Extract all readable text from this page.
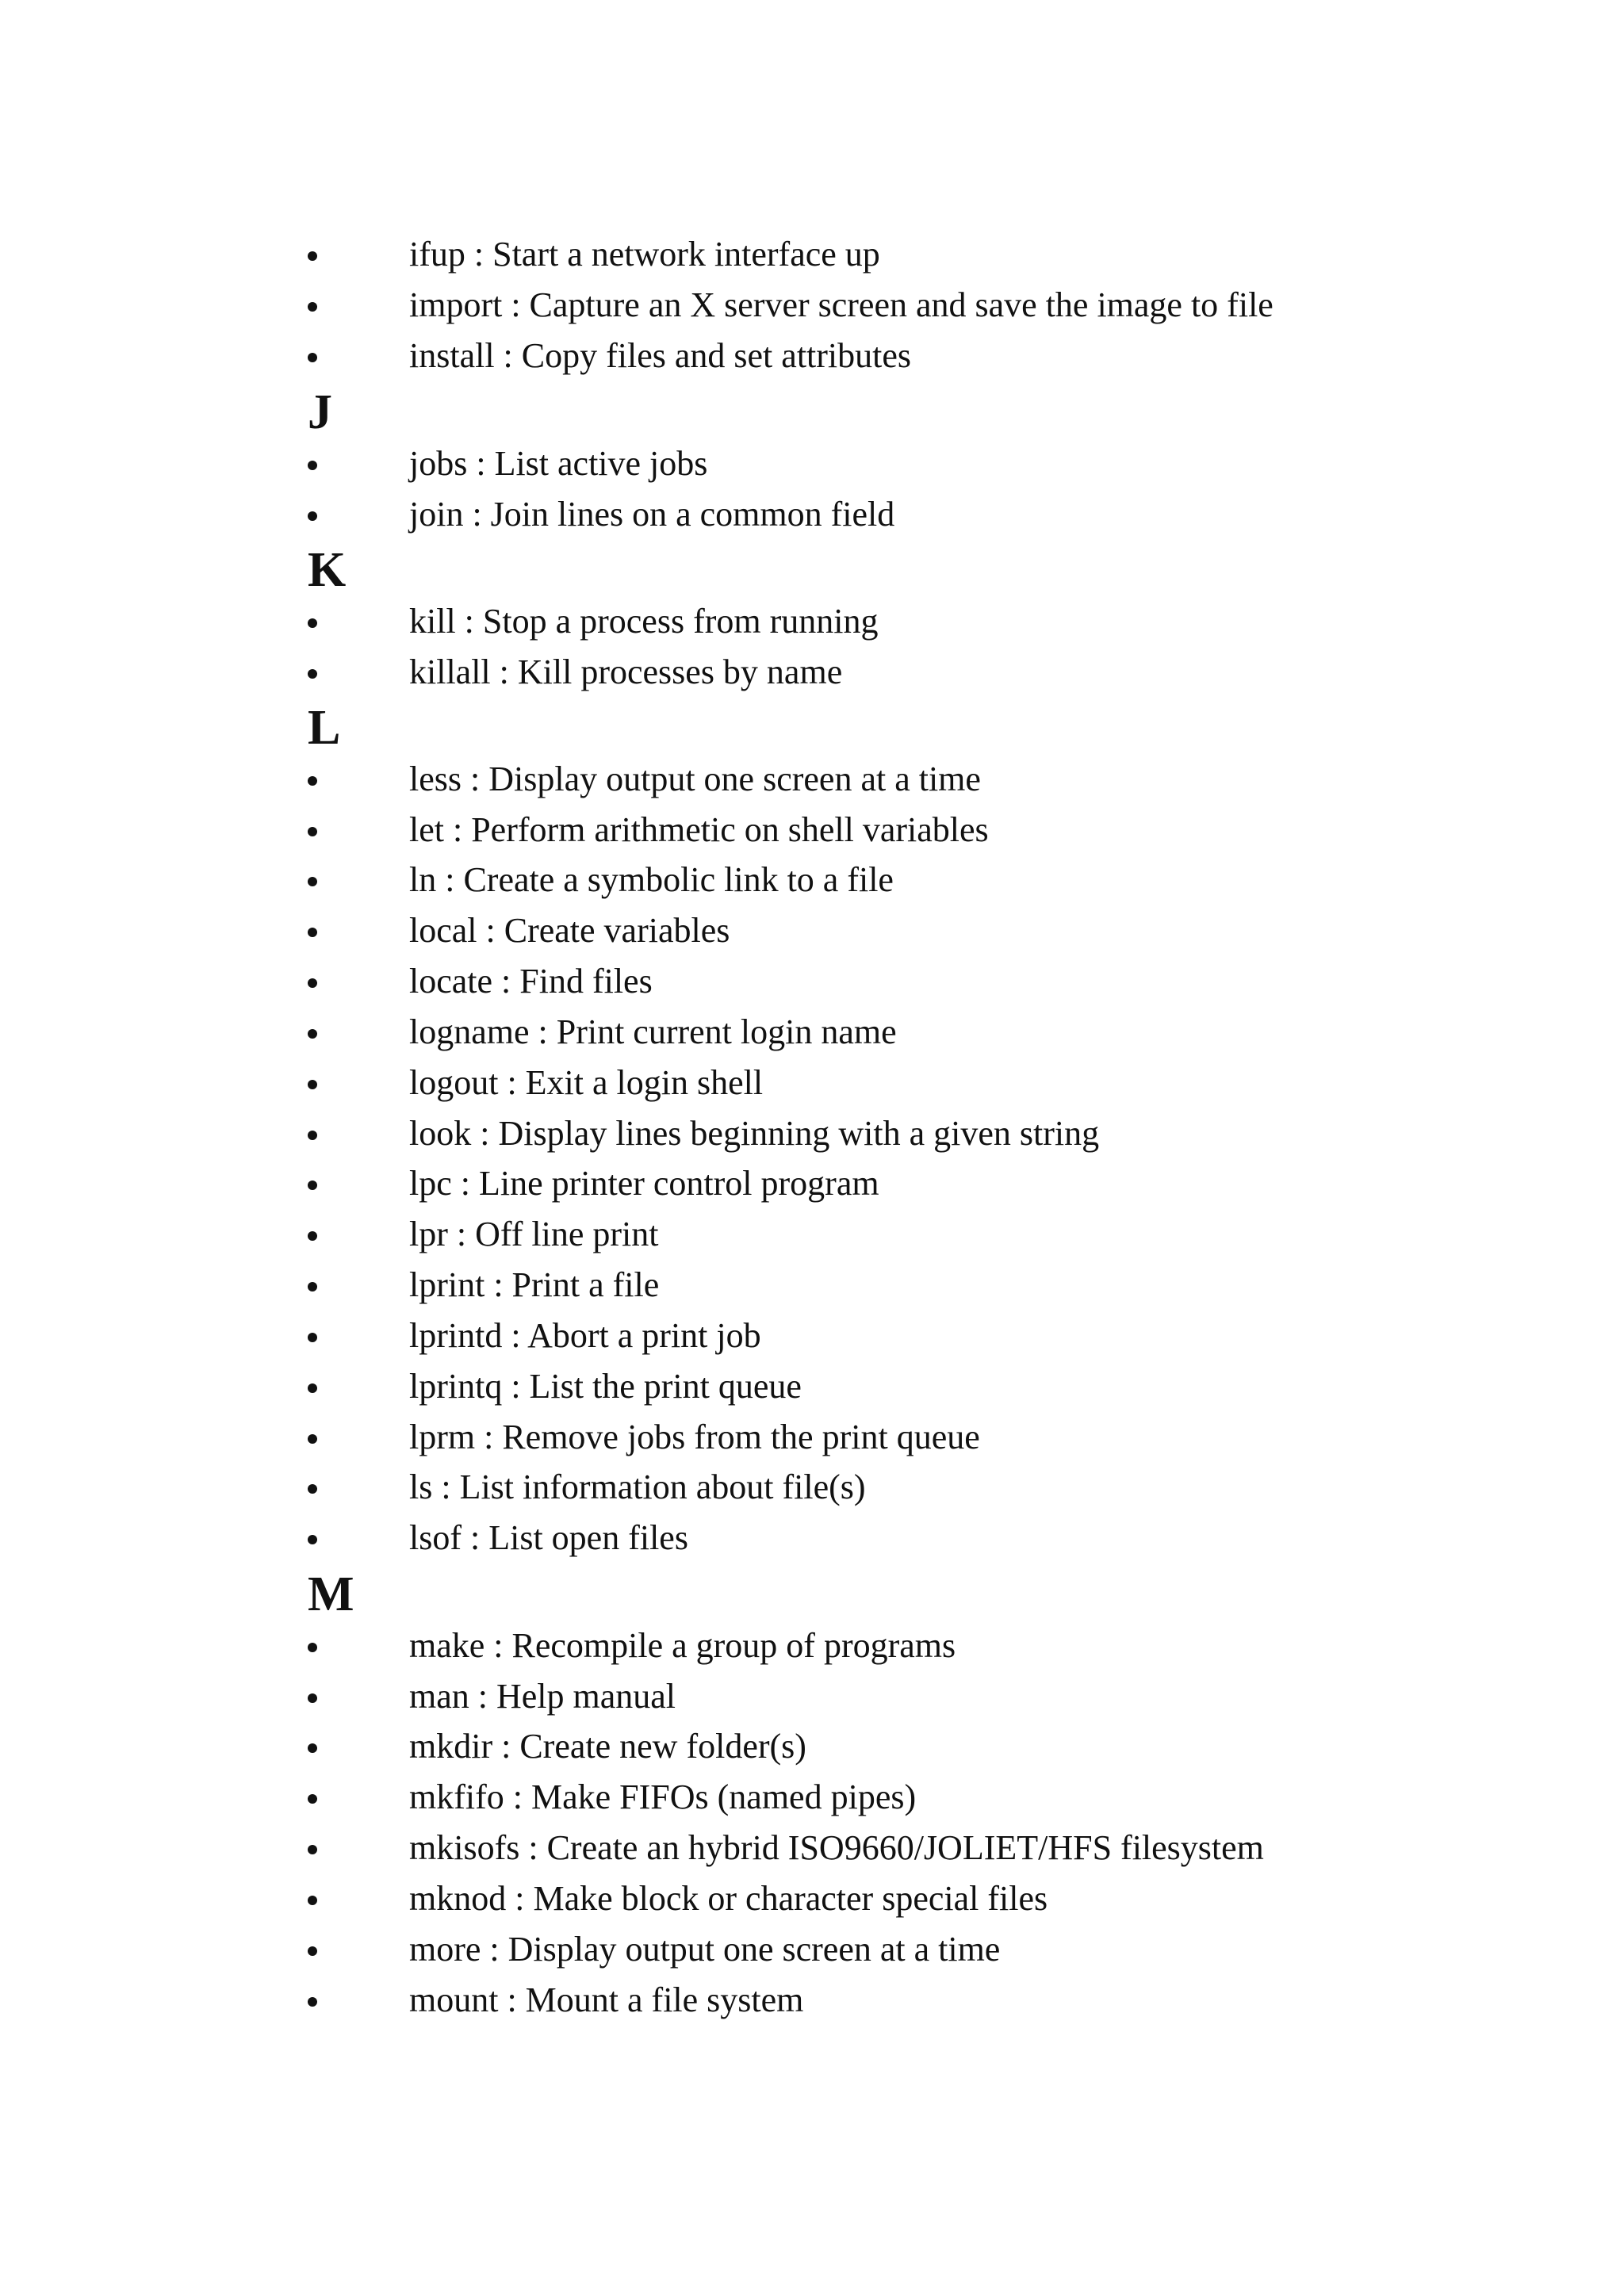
ifup : Start a network interface up
import : Capture an X server screen and save the image to file
install : Copy files and set attributes
J
jobs : List active jobs
join : Join lines on a common field
K
kill : Stop a process from running
killall : Kill processes by name
L
less : Display output one screen at a time
let : Perform arithmetic on shell variables
ln : Create a symbolic link to a file
local : Create variables
locate : Find files
logname : Print current login name
logout : Exit a login shell
look : Display lines beginning with a given string
lpc : Line printer control program
lpr : Off line print
lprint : Print a file
lprintd : Abort a print job
lprintq : List the print queue
lprm : Remove jobs from the print queue
ls : List information about file(s)
lsof : List open files
M
make : Recompile a group of programs
man : Help manual
mkdir : Create new folder(s)
mkfifo : Make FIFOs (named pipes)
mkisofs : Create an hybrid ISO9660/JOLIET/HFS filesystem
mknod : Make block or character special files
more : Display output one screen at a time
mount : Mount a file system
